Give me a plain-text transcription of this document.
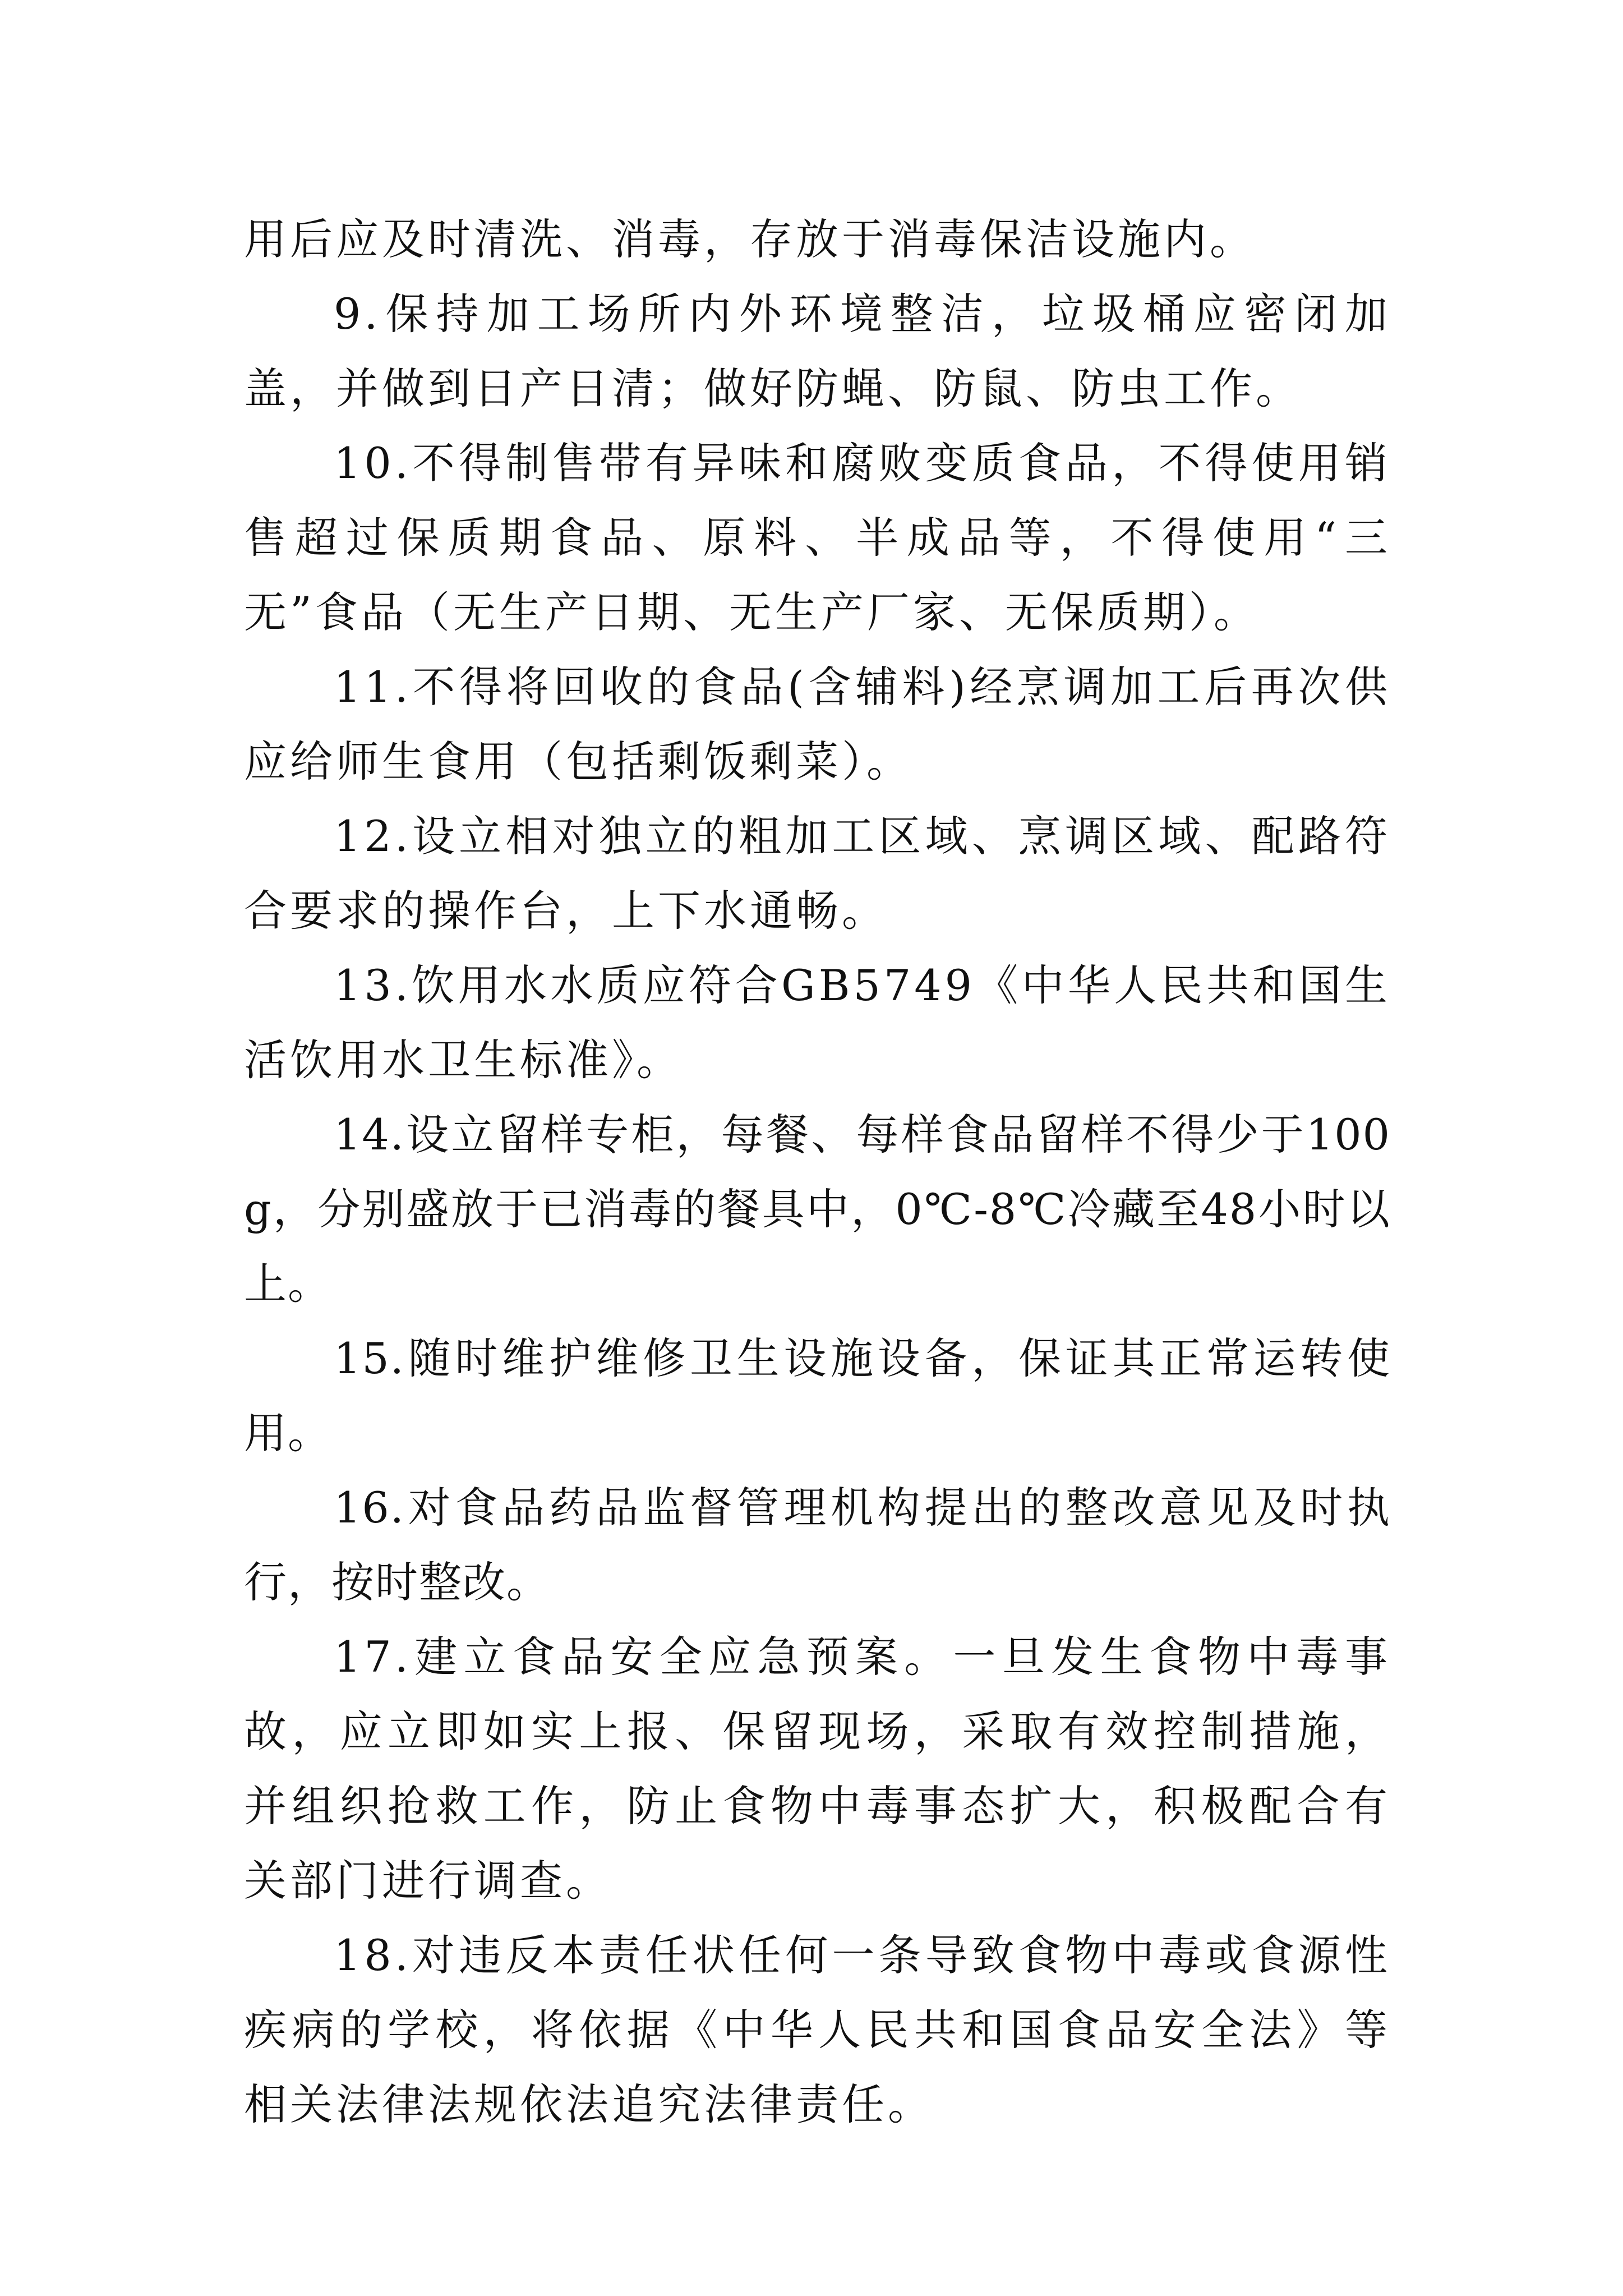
用后应及时清洗、消毒，存放于消毒保洁设施内。

9.保持加工场所内外环境整洁，垃圾桶应密闭加盖，并做到日产日清；做好防蝇、防鼠、防虫工作。

10.不得制售带有异味和腐败变质食品，不得使用销售超过保质期食品、原料、半成品等，不得使用“三无”食品（无生产日期、无生产厂家、无保质期）。

11.不得将回收的食品(含辅料)经烹调加工后再次供应给师生食用（包括剩饭剩菜）。

12.设立相对独立的粗加工区域、烹调区域、配路符合要求的操作台，上下水通畅。

13.饮用水水质应符合GB5749《中华人民共和国生活饮用水卫生标准》。

14.设立留样专柜，每餐、每样食品留样不得少于100g，分别盛放于已消毒的餐具中，0℃-8℃冷藏至48小时以上。

15.随时维护维修卫生设施设备，保证其正常运转使用。

16.对食品药品监督管理机构提出的整改意见及时执行，按时整改。

17.建立食品安全应急预案。一旦发生食物中毒事故，应立即如实上报、保留现场，采取有效控制措施，并组织抢救工作，防止食物中毒事态扩大，积极配合有关部门进行调查。

18.对违反本责任状任何一条导致食物中毒或食源性疾病的学校，将依据《中华人民共和国食品安全法》等相关法律法规依法追究法律责任。
